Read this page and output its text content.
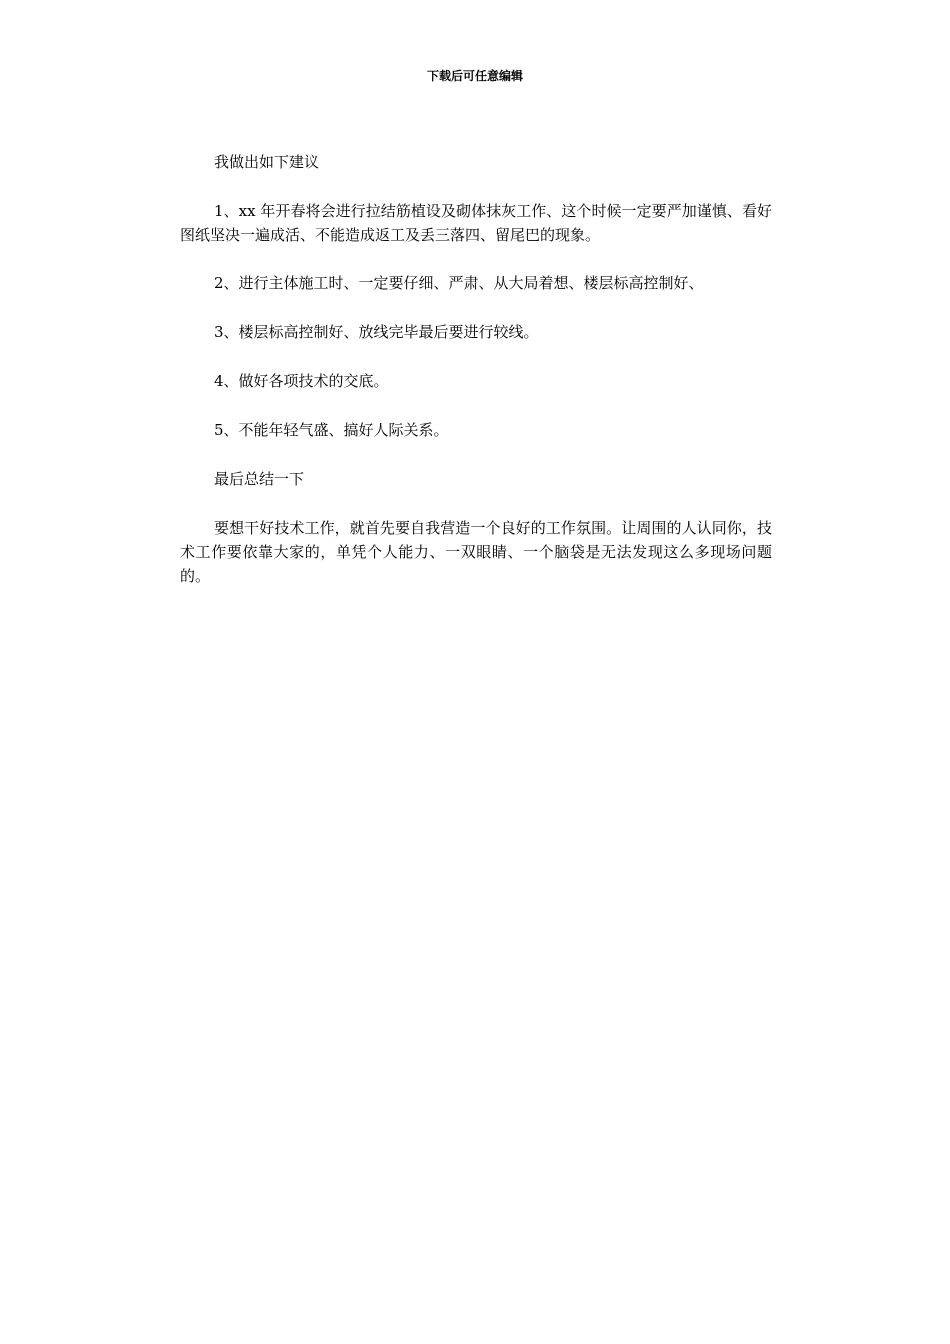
下载后可任意编辑

我做出如下建议

1、xx 年开春将会进行拉结筋植设及砌体抹灰工作、这个时候一定要严加谨慎、看好图纸坚决一遍成活、不能造成返工及丢三落四、留尾巴的现象。

2、进行主体施工时、一定要仔细、严肃、从大局着想、楼层标高控制好、

3、楼层标高控制好、放线完毕最后要进行较线。

4、做好各项技术的交底。

5、不能年轻气盛、搞好人际关系。

最后总结一下

要想干好技术工作，就首先要自我营造一个良好的工作氛围。让周围的人认同你，技术工作要依靠大家的，单凭个人能力、一双眼睛、一个脑袋是无法发现这么多现场问题的。
